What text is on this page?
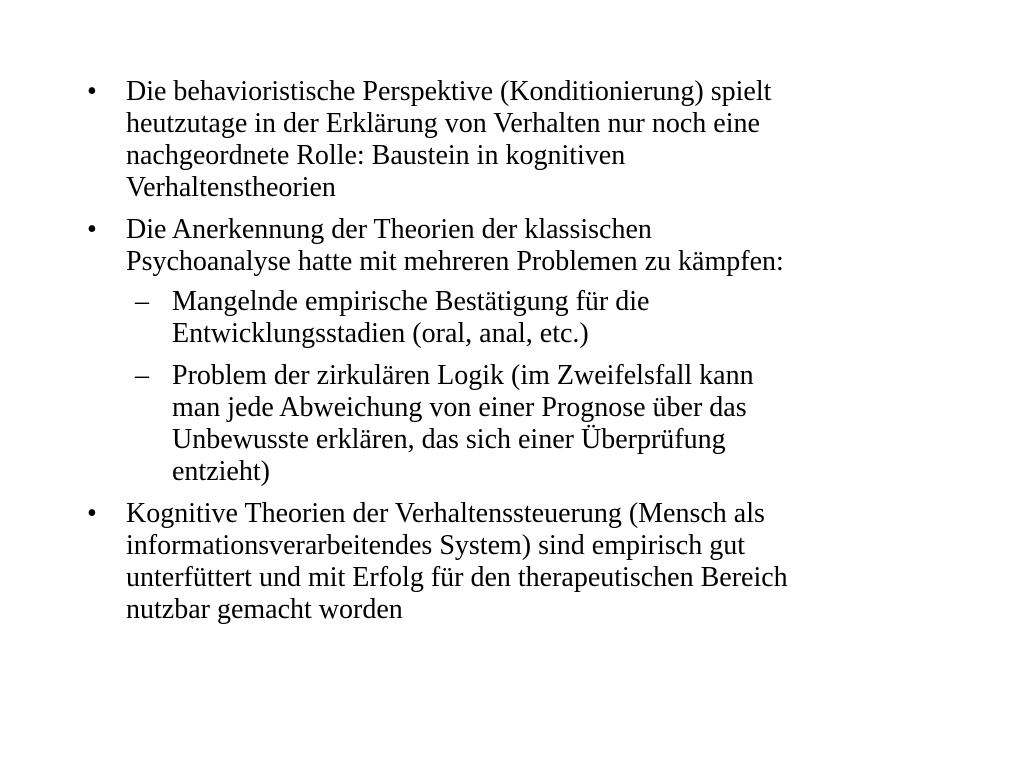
•	Die behavioristische Perspektive (Konditionierung) spielt
heutzutage in der Erklärung von Verhalten nur noch eine
nachgeordnete Rolle: Baustein in kognitiven
Verhaltenstheorien
•	Die Anerkennung der Theorien der klassischen
Psychoanalyse hatte mit mehreren Problemen zu kämpfen:
– Mangelnde empirische Bestätigung für die
Entwicklungsstadien (oral, anal, etc.)
– Problem der zirkulären Logik (im Zweifelsfall kann
man jede Abweichung von einer Prognose über das
Unbewusste erklären, das sich einer Überprüfung
entzieht)
•	Kognitive Theorien der Verhaltenssteuerung (Mensch als
informationsverarbeitendes System) sind empirisch gut
unterfüttert und mit Erfolg für den therapeutischen Bereich
nutzbar gemacht worden
